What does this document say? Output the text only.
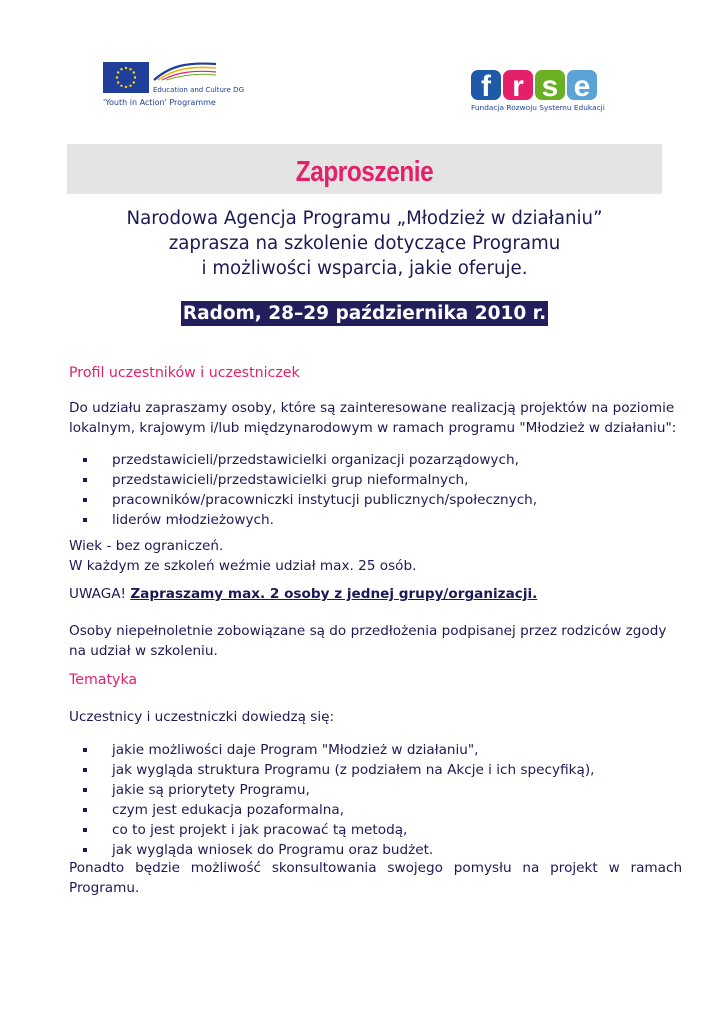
Education and Culture DG
'Youth in Action' Programme	f r s e
Fundacja Rozwoju Systemu Edukacji
Zaproszenie
Narodowa Agencja Programu „Młodzież w działaniu”
zaprasza na szkolenie dotyczące Programu
i możliwości wsparcia, jakie oferuje.
Radom, 28–29 października 2010 r.
Profil uczestników i uczestniczek
Do udziału zapraszamy osoby, które są zainteresowane realizacją projektów na poziomie
lokalnym, krajowym i/lub międzynarodowym w ramach programu "Młodzież w działaniu":
przedstawicieli/przedstawicielki organizacji pozarządowych,
przedstawicieli/przedstawicielki grup nieformalnych,
pracowników/pracowniczki instytucji publicznych/społecznych,
liderów młodzieżowych.
Wiek - bez ograniczeń.
W każdym ze szkoleń weźmie udział max. 25 osób.
UWAGA! Zapraszamy max. 2 osoby z jednej grupy/organizacji.
Osoby niepełnoletnie zobowiązane są do przedłożenia podpisanej przez rodziców zgody
na udział w szkoleniu.
Tematyka
Uczestnicy i uczestniczki dowiedzą się:
jakie możliwości daje Program "Młodzież w działaniu",
jak wygląda struktura Programu (z podziałem na Akcje i ich specyfiką),
jakie są priorytety Programu,
czym jest edukacja pozaformalna,
co to jest projekt i jak pracować tą metodą,
jak wygląda wniosek do Programu oraz budżet.
Ponadto będzie możliwość skonsultowania swojego pomysłu na projekt w ramach
Programu.
